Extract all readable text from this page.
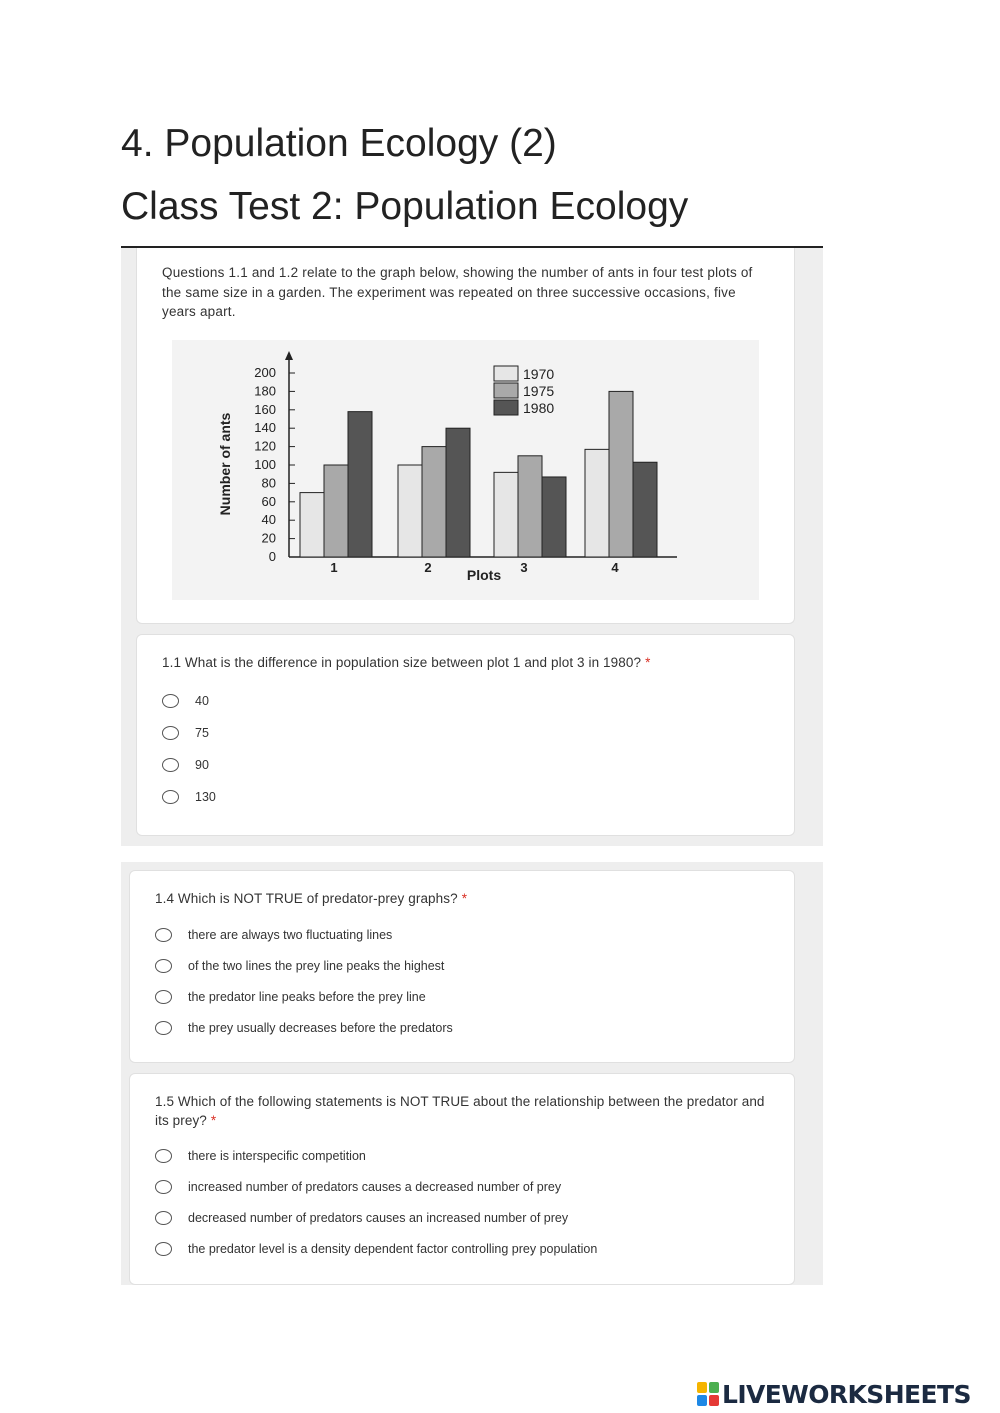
4. Population Ecology (2)
Class Test 2: Population Ecology

Questions 1.1 and 1.2 relate to the graph below, showing the number of ants in four test plots of the same size in a garden. The experiment was repeated on three successive occasions, five years apart.

0
20
40
60
80
100
120
140
160
180
200
Number of ants
1	2	3	4
Plots
1970
1975
1980

1.1 What is the difference in population size between plot 1 and plot 3 in 1980? *

40
75
90
130

1.4 Which is NOT TRUE of predator-prey graphs? *

there are always two fluctuating lines
of the two lines the prey line peaks the highest
the predator line peaks before the prey line
the prey usually decreases before the predators

1.5 Which of the following statements is NOT TRUE about the relationship between the predator and its prey? *

there is interspecific competition
increased number of predators causes a decreased number of prey
decreased number of predators causes an increased number of prey
the predator level is a density dependent factor controlling prey population
LIVEWORKSHEETS
